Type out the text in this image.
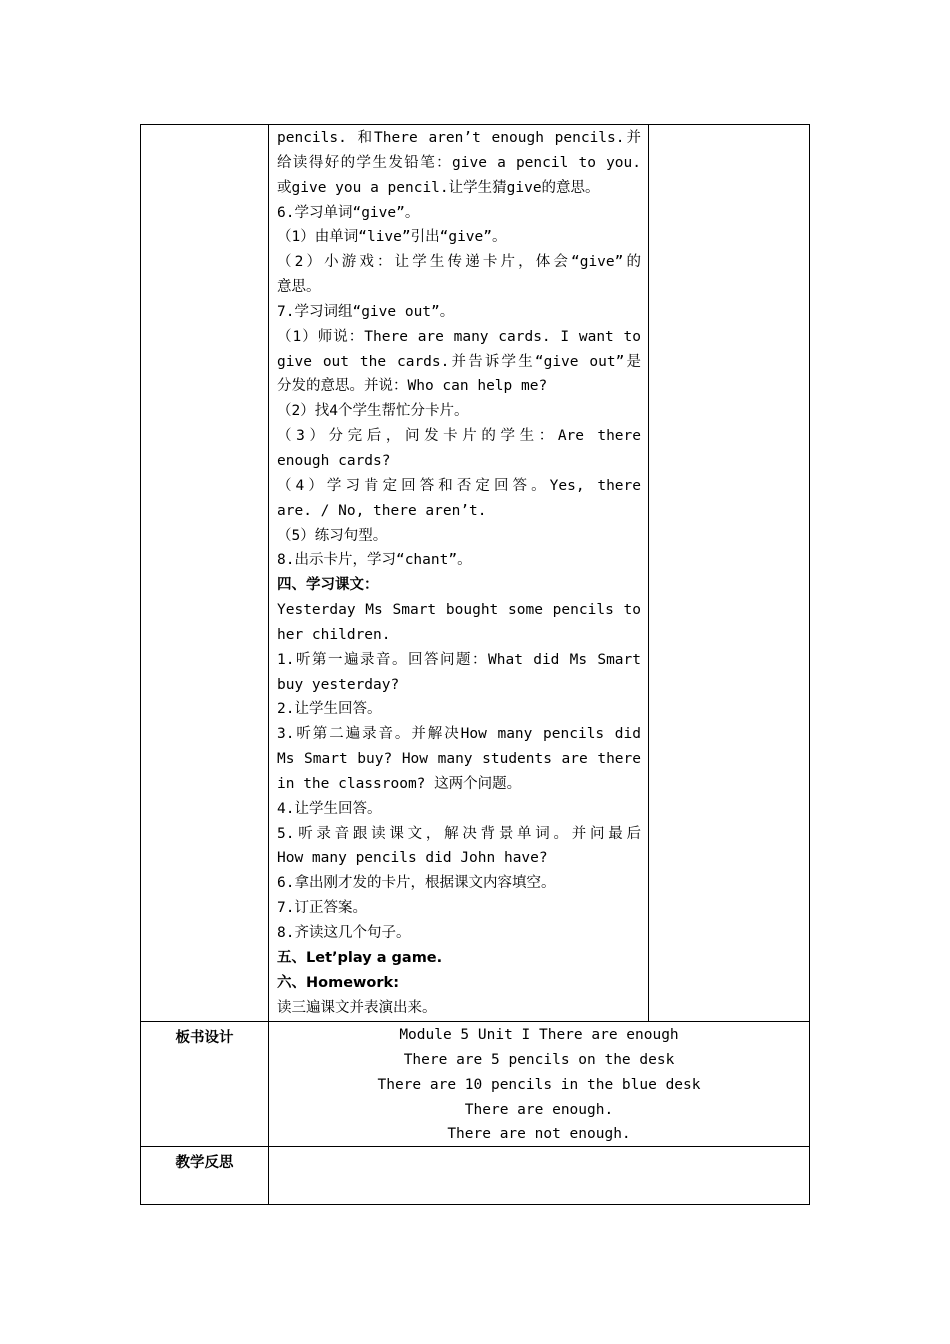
pencils. 和There aren’t enough pencils.并
给读得好的学生发铅笔：give a pencil to you.
或give you a pencil.让学生猜give的意思。
6.学习单词“give”。
（1）由单词“live”引出“give”。
（2）小游戏：让学生传递卡片，体会“give”的
意思。
7.学习词组“give out”。
（1）师说：There are many cards. I want to
give out the cards.并告诉学生“give out”是
分发的意思。并说：Who can help me?
（2）找4个学生帮忙分卡片。
（3）分完后，问发卡片的学生：Are there
enough cards?
（4）学习肯定回答和否定回答。Yes, there
are. / No, there aren’t.
（5）练习句型。
8.出示卡片，学习“chant”。
四、学习课文：
Yesterday Ms Smart bought some pencils to
her children.
1.听第一遍录音。回答问题：What did Ms Smart
buy yesterday?
2.让学生回答。
3.听第二遍录音。并解决How many pencils did
Ms Smart buy? How many students are there
in the classroom? 这两个问题。
4.让学生回答。
5.听录音跟读课文，解决背景单词。并问最后
How many pencils did John have?
6.拿出刚才发的卡片，根据课文内容填空。
7.订正答案。
8.齐读这几个句子。
五、Let’play a game.
六、Homework:
读三遍课文并表演出来。
板书设计	Module 5 Unit I There are enough
There are 5 pencils on the desk
There are 10 pencils in the blue desk
There are enough.
There are not enough.
教学反思
